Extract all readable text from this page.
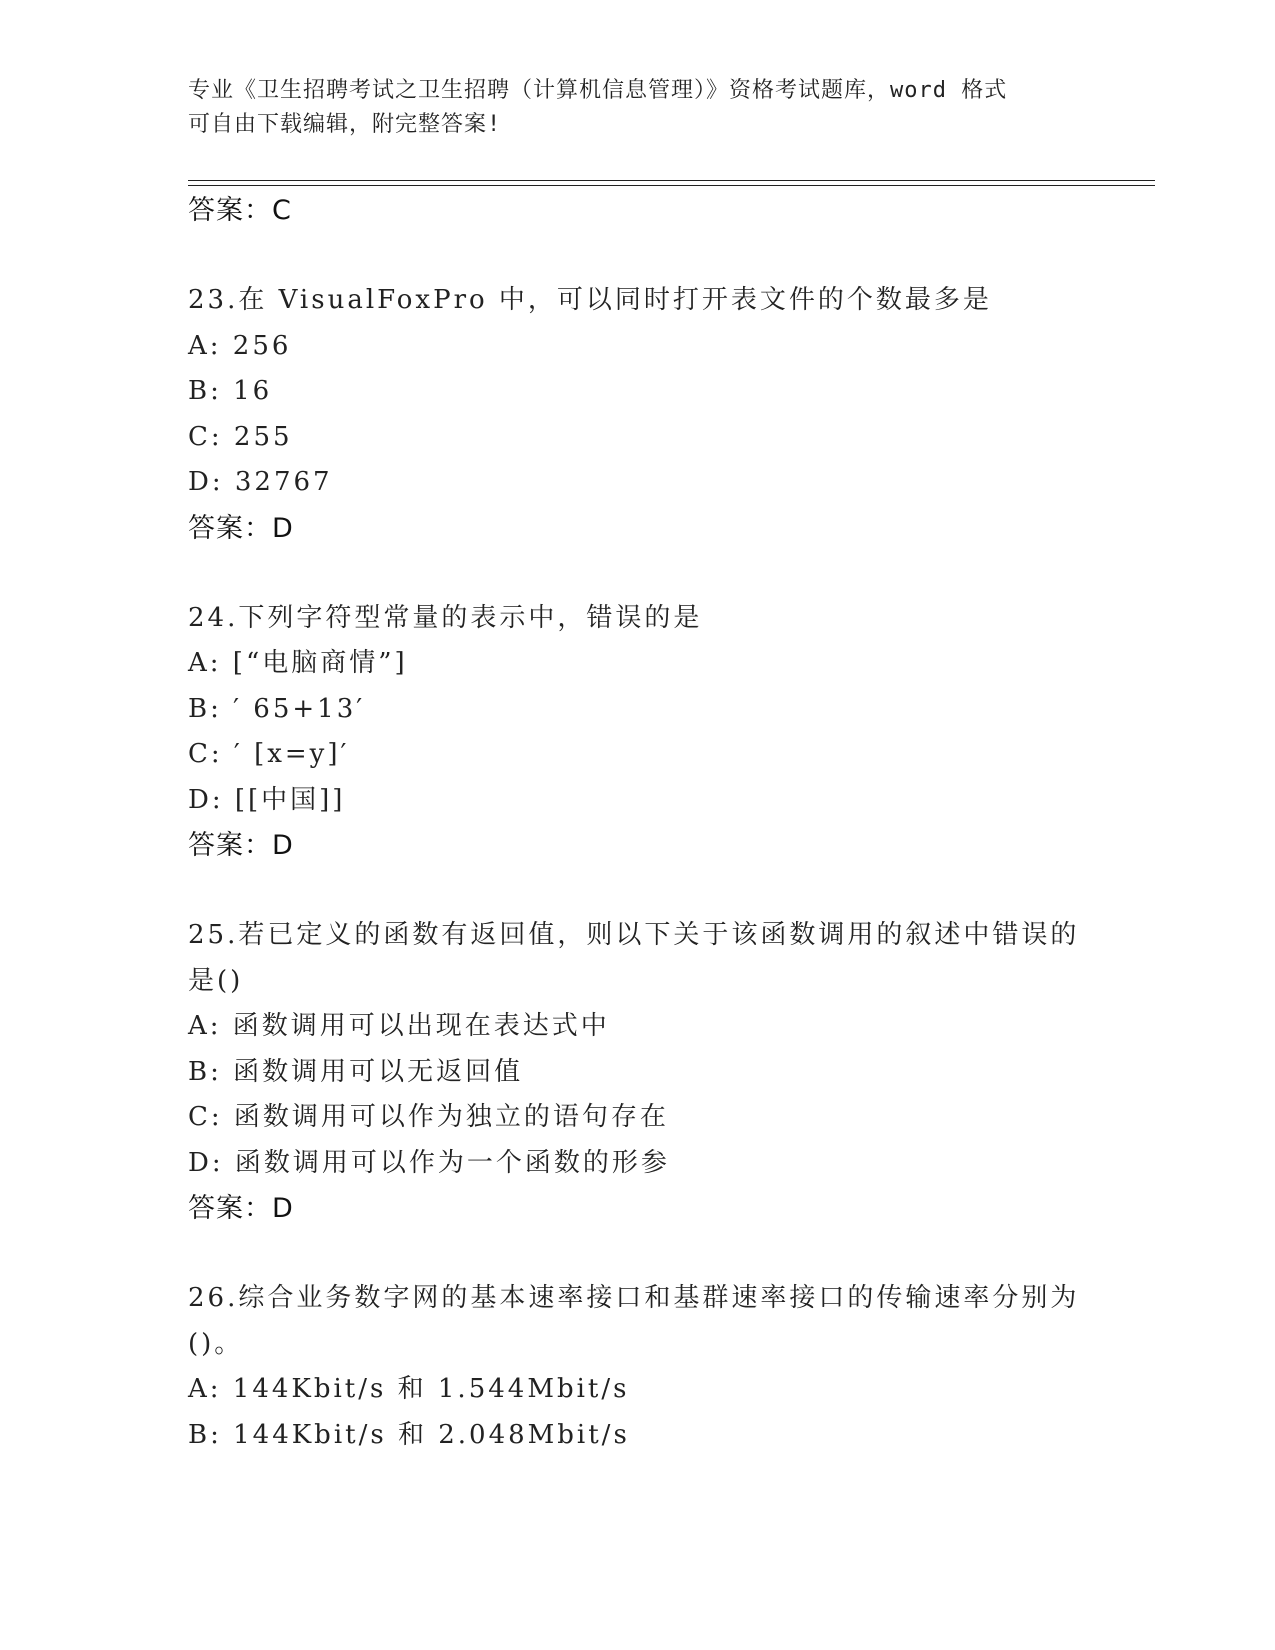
专业《卫生招聘考试之卫生招聘（计算机信息管理）》资格考试题库，word 格式
可自由下载编辑，附完整答案!
答案：C
23.在 VisualFoxPro 中，可以同时打开表文件的个数最多是
A: 256
B: 16
C: 255
D: 32767
答案：D
24.下列字符型常量的表示中，错误的是
A: [“电脑商情”]
B: ′ 65+13′
C: ′ [x=y]′
D: [[中国]]
答案：D
25.若已定义的函数有返回值，则以下关于该函数调用的叙述中错误的
是()
A: 函数调用可以出现在表达式中
B: 函数调用可以无返回值
C: 函数调用可以作为独立的语句存在
D: 函数调用可以作为一个函数的形参
答案：D
26.综合业务数字网的基本速率接口和基群速率接口的传输速率分别为
()。
A: 144Kbit/s 和 1.544Mbit/s
B: 144Kbit/s 和 2.048Mbit/s
